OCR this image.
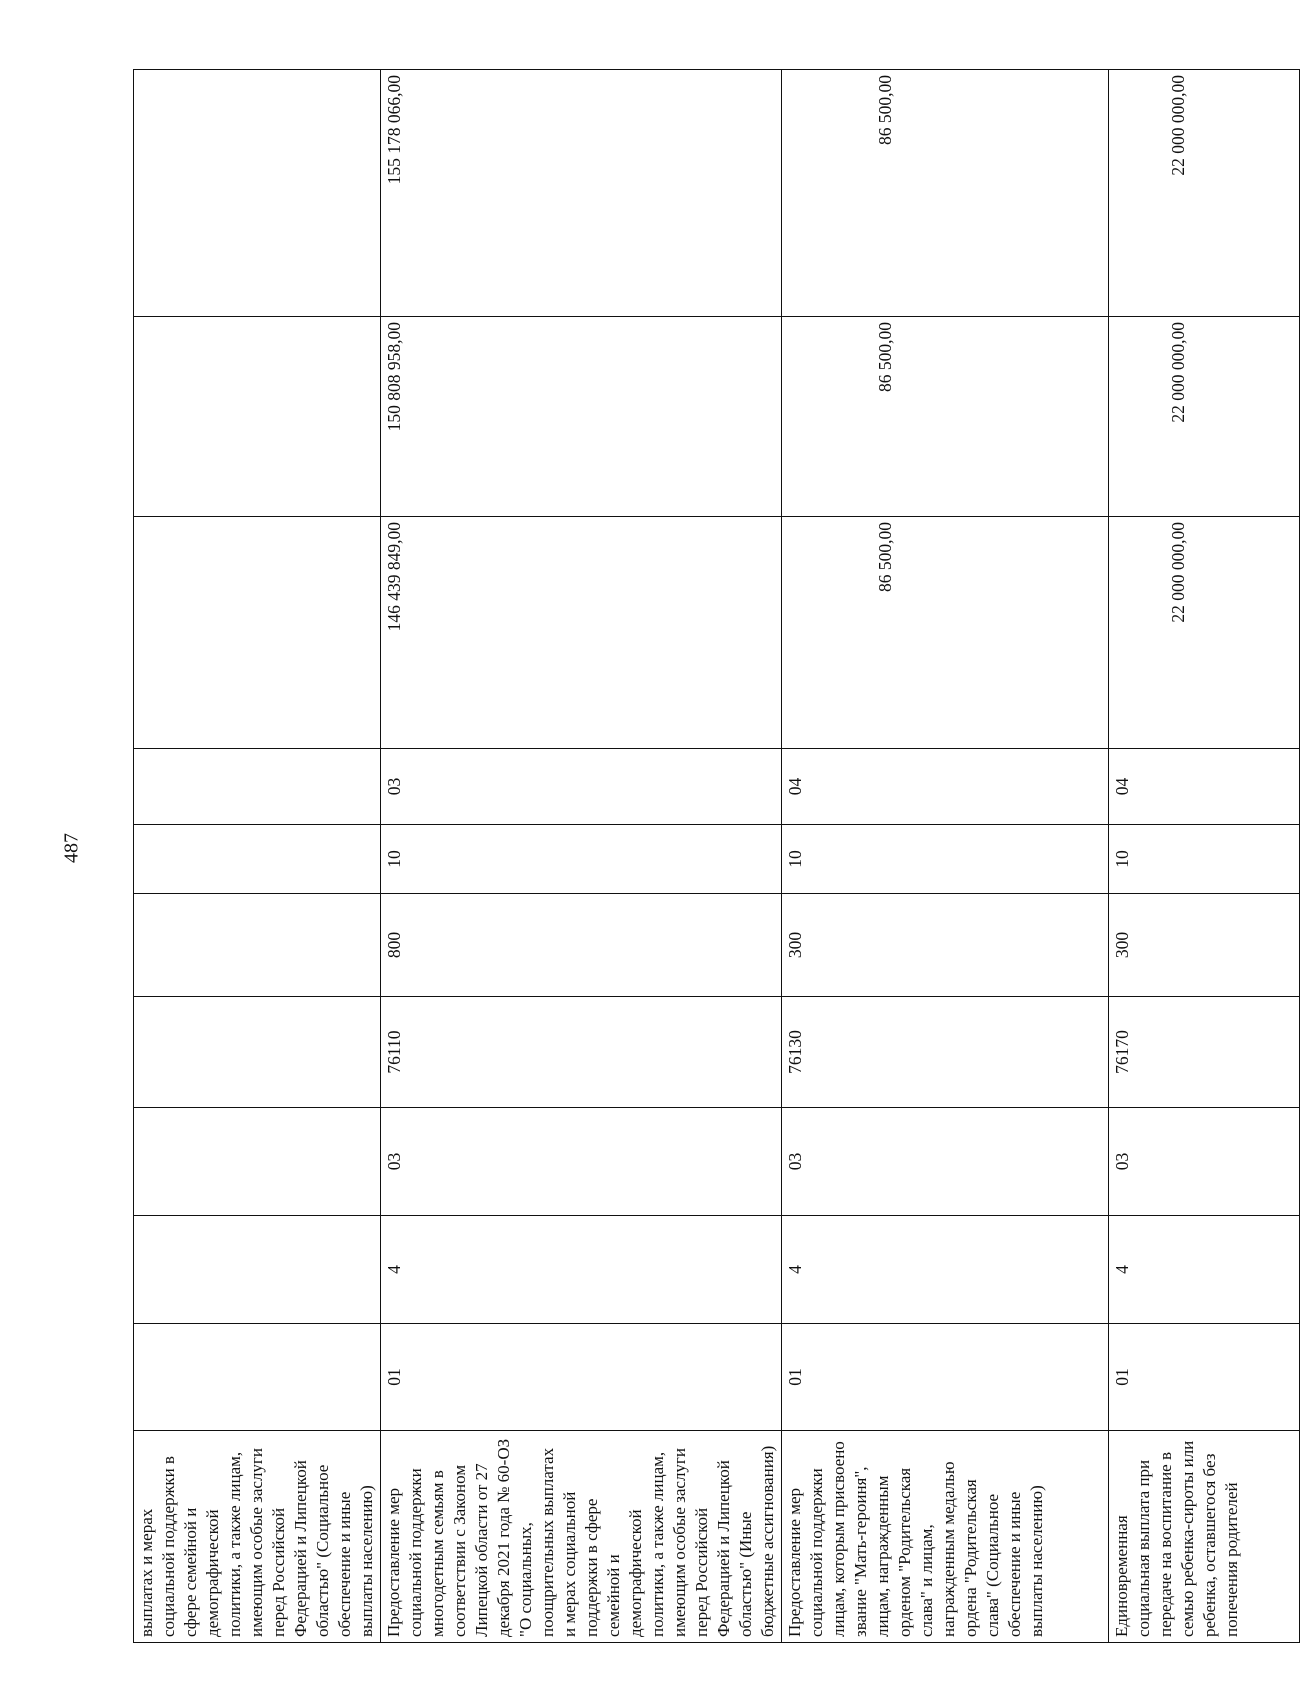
487
выплатах и мерах социальной поддержки в сфере семейной и демографической политики, а также лицам, имеющим особые заслуги перед Российской Федерацией и Липецкой областью" (Социальное обеспечение и иные выплаты населению)										
Предоставление мер социальной поддержки многодетным семьям в соответствии с Законом Липецкой области от 27 декабря 2021 года № 60-ОЗ "О социальных, поощрительных выплатах и мерах социальной поддержки в сфере семейной и демографической политики, а также лицам, имеющим особые заслуги перед Российской Федерацией и Липецкой областью" (Иные бюджетные ассигнования)	01	4	03	76110	800	10	03	146 439 849,00	150 808 958,00	155 178 066,00
Предоставление мер социальной поддержки лицам, которым присвоено звание "Мать-героиня", лицам, награжденным орденом "Родительская слава" и лицам, награжденным медалью ордена "Родительская слава" (Социальное обеспечение и иные выплаты населению)	01	4	03	76130	300	10	04	86 500,00	86 500,00	86 500,00
Единовременная социальная выплата при передаче на воспитание в семью ребенка-сироты или ребенка, оставшегося без попечения родителей	01	4	03	76170	300	10	04	22 000 000,00	22 000 000,00	22 000 000,00
